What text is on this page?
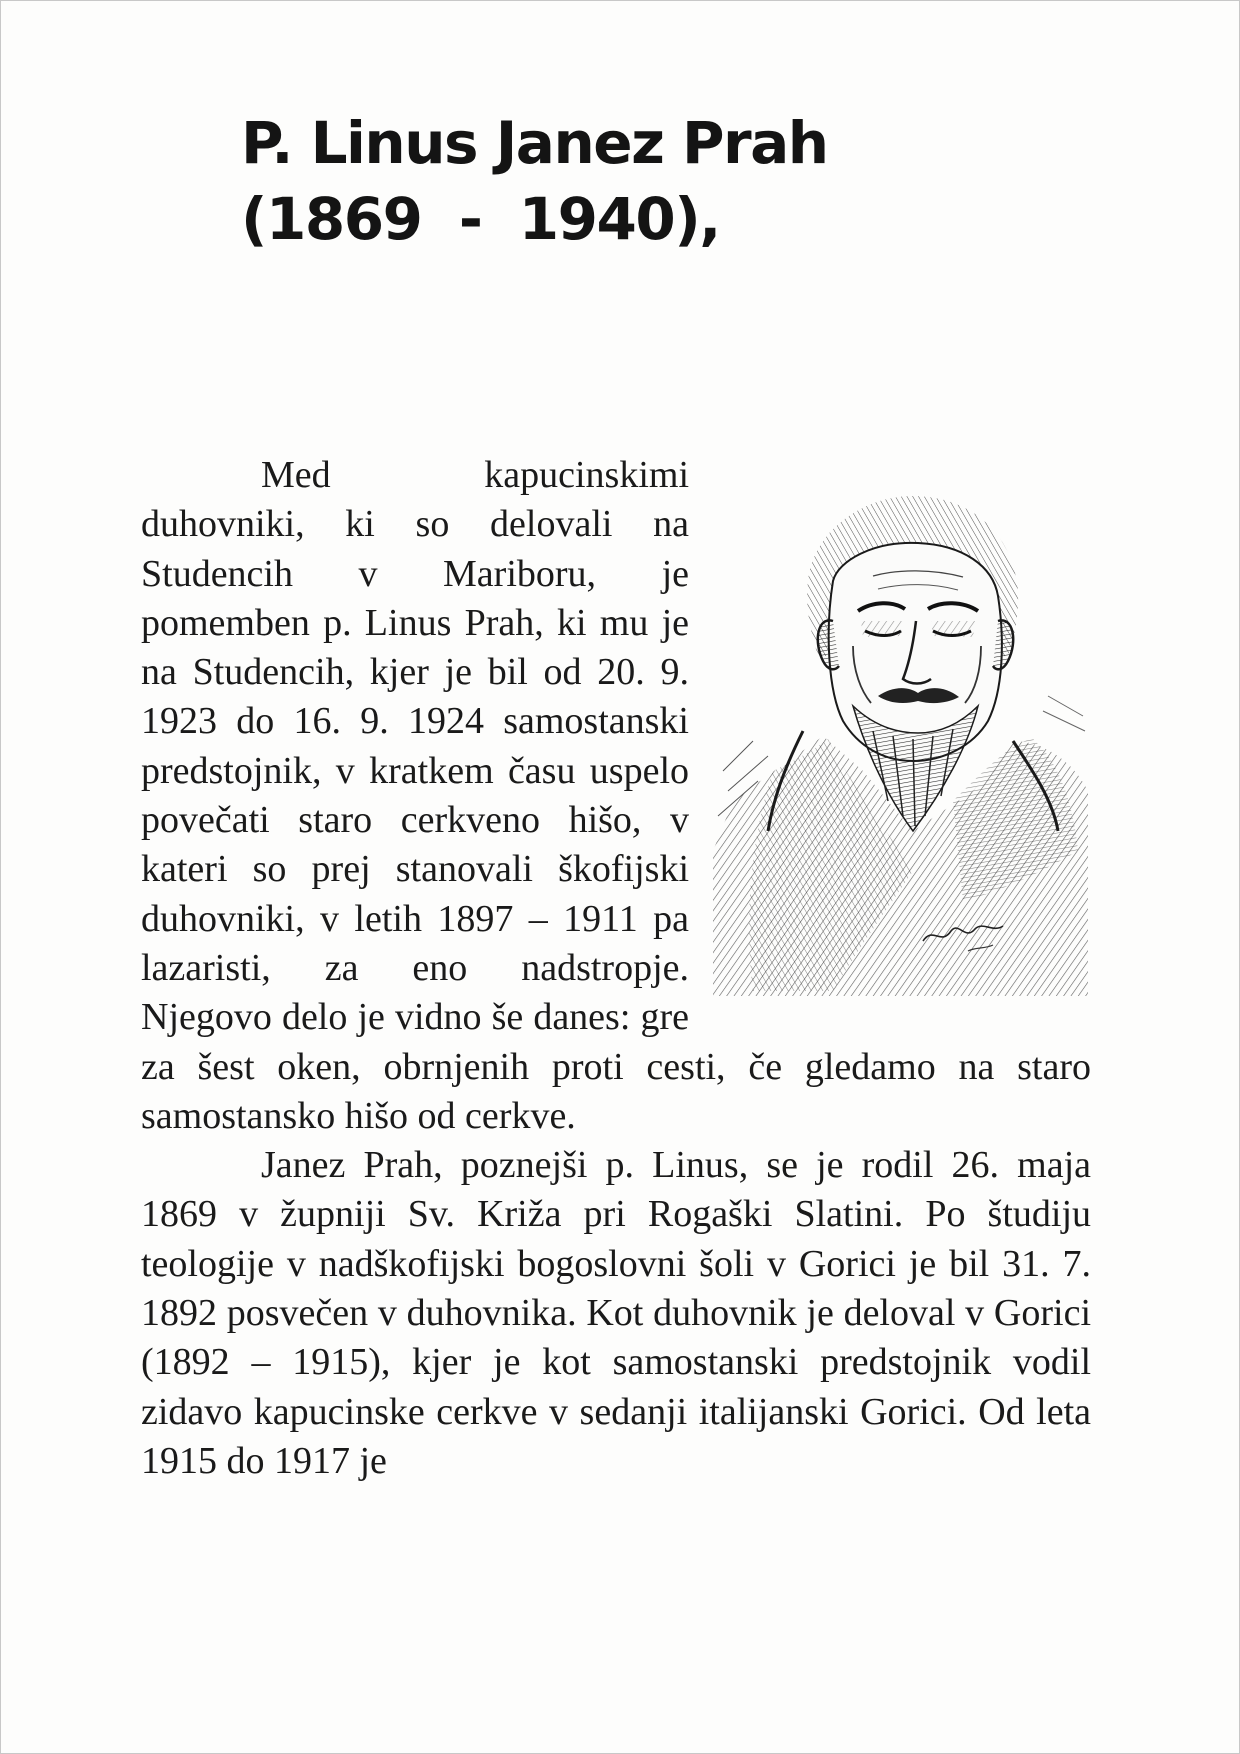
P. Linus Janez Prah
(1869  -  1940),

Med kapucinskimi duhovniki, ki so delovali na Studencih v Mariboru, je pomemben p. Linus Prah, ki mu je na Studencih, kjer je bil od 20. 9. 1923 do 16. 9. 1924 samostanski predstojnik, v kratkem času uspelo povečati staro cerkveno hišo, v kateri so prej stanovali škofijski duhovniki, v letih 1897 – 1911 pa lazaristi, za eno nadstropje. Njegovo delo je vidno še danes: gre za šest oken, obrnjenih proti cesti, če gledamo na staro samostansko hišo od cerkve.

Janez Prah, poznejši p. Linus, se je rodil 26. maja 1869 v župniji Sv. Križa pri Rogaški Slatini. Po študiju teologije v nadškofijski bogoslovni šoli v Gorici je bil 31. 7. 1892 posvečen v duhovnika. Kot duhovnik je deloval v Gorici (1892 – 1915), kjer je kot samostanski predstojnik vodil zidavo kapucinske cerkve v sedanji italijanski Gorici. Od leta 1915 do 1917 je
